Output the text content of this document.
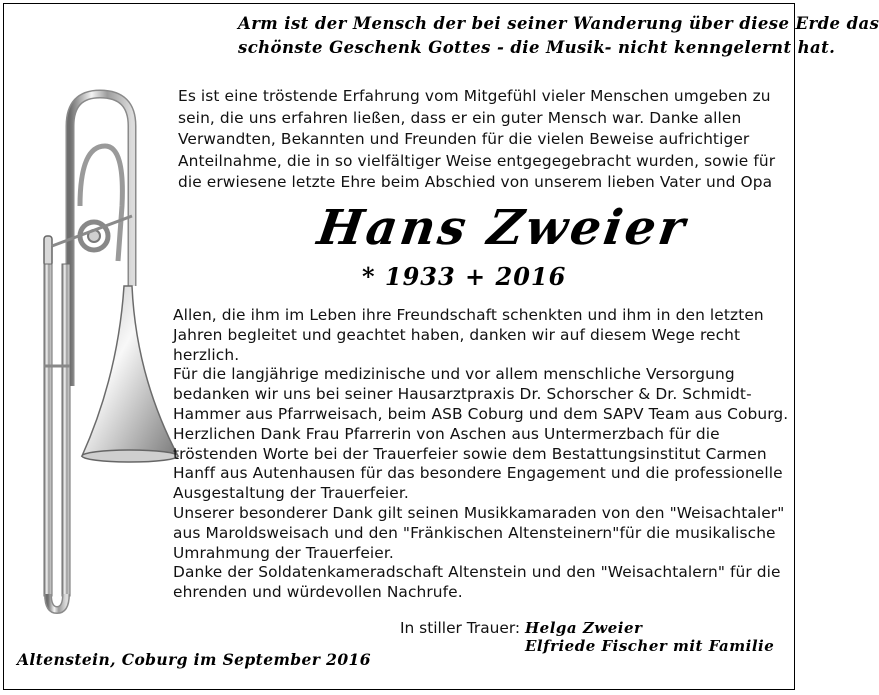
Arm ist der Mensch der bei seiner Wanderung über diese Erde das
schönste Geschenk Gottes - die Musik- nicht kenngelernt hat.
Es ist eine tröstende Erfahrung vom Mitgefühl vieler Menschen umgeben zu
sein, die uns erfahren ließen, dass er ein guter Mensch war. Danke allen
Verwandten, Bekannten und Freunden für die vielen Beweise aufrichtiger
Anteilnahme, die in so vielfältiger Weise entgegegebracht wurden, sowie für
die erwiesene letzte Ehre beim Abschied von unserem lieben Vater und Opa
Hans Zweier
* 1933 + 2016
Allen, die ihm im Leben ihre Freundschaft schenkten und ihm in den letzten
Jahren begleitet und geachtet haben, danken wir auf diesem Wege recht
herzlich.
Für die langjährige medizinische und vor allem menschliche Versorgung
bedanken wir uns bei seiner Hausarztpraxis Dr. Schorscher & Dr. Schmidt-
Hammer aus Pfarrweisach, beim ASB Coburg und dem SAPV Team aus Coburg.
Herzlichen Dank Frau Pfarrerin von Aschen aus Untermerzbach für die
tröstenden Worte bei der Trauerfeier sowie dem Bestattungsinstitut Carmen
Hanff aus Autenhausen für das besondere Engagement und die professionelle
Ausgestaltung der Trauerfeier.
Unserer besonderer Dank gilt seinen Musikkamaraden von den "Weisachtaler"
aus Maroldsweisach und den "Fränkischen Altensteinern"für die musikalische
Umrahmung der Trauerfeier.
Danke der Soldatenkameradschaft Altenstein und den "Weisachtalern" für die
ehrenden und würdevollen Nachrufe.
In stiller Trauer: Helga Zweier
Elfriede Fischer mit Familie
Altenstein, Coburg im September 2016
